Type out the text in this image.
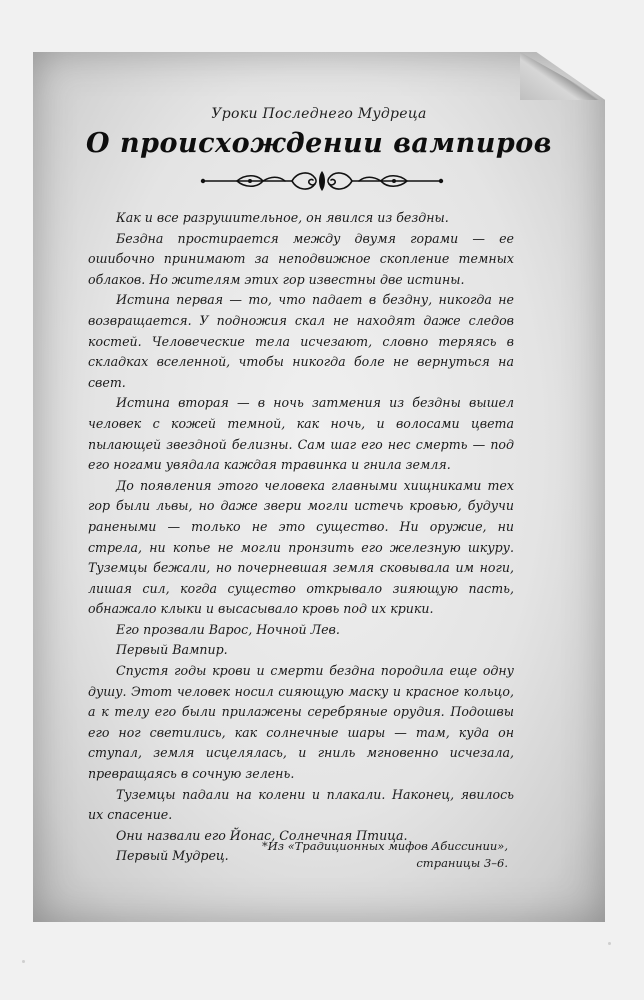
Уроки Последнего Мудреца
О происхождении вампиров

Как и все разрушительное, он явился из бездны.

Бездна простирается между двумя горами — ее ошибочно принимают за неподвижное скопление темных облаков. Но жителям этих гор известны две истины.

Истина первая — то, что падает в бездну, никогда не возвращается. У подножия скал не находят даже следов костей. Человеческие тела исчезают, словно теряясь в складках вселенной, чтобы никогда боле не вернуться на свет.

Истина вторая — в ночь затмения из бездны вышел человек с кожей темной, как ночь, и волосами цвета пылающей звездной белизны. Сам шаг его нес смерть — под его ногами увядала каждая травинка и гнила земля.

До появления этого человека главными хищниками тех гор были львы, но даже звери могли истечь кровью, будучи ранеными — только не это существо. Ни оружие, ни стрела, ни копье не могли пронзить его железную шкуру. Туземцы бежали, но почерневшая земля сковывала им ноги, лишая сил, когда существо открывало зияющую пасть, обнажало клыки и высасывало кровь под их крики.

Его прозвали Варос, Ночной Лев.

Первый Вампир.

Спустя годы крови и смерти бездна породила еще одну душу. Этот человек носил сияющую маску и красное кольцо, а к телу его были прилажены серебряные орудия. Подошвы его ног светились, как солнечные шары — там, куда он ступал, земля исцелялась, и гниль мгновенно исчезала, превращаясь в сочную зелень.

Туземцы падали на колени и плакали. Наконец, явилось их спасение.

Они назвали его Йонас, Солнечная Птица.

Первый Мудрец.

*Из «Традиционных мифов Абиссинии»,
страницы 3–6.
